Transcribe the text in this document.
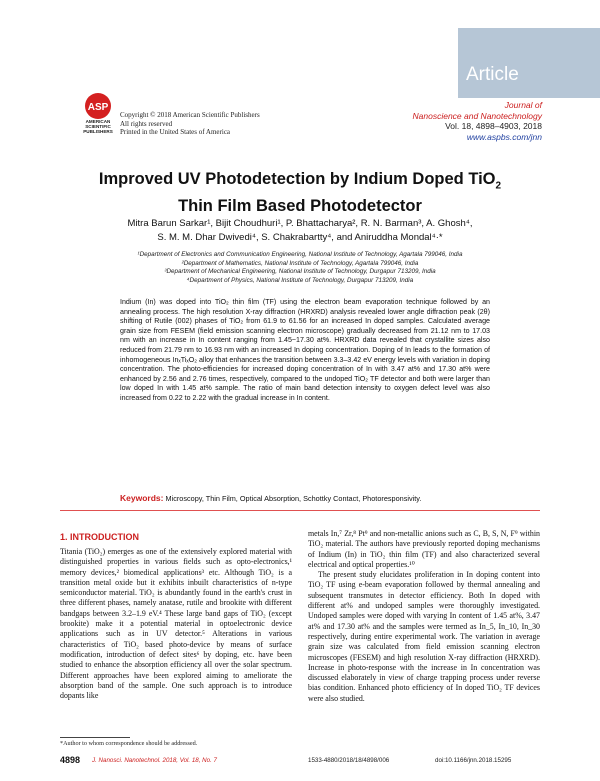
Article
ASP
AMERICAN
SCIENTIFIC
PUBLISHERS
Copyright © 2018 American Scientific Publishers
All rights reserved
Printed in the United States of America
Journal of
Nanoscience and Nanotechnology
Vol. 18, 4898–4903, 2018
www.aspbs.com/jnn
Improved UV Photodetection by Indium Doped TiO$_2$
Thin Film Based Photodetector
Mitra Barun Sarkar¹, Bijit Choudhuri¹, P. Bhattacharya², R. N. Barman³, A. Ghosh⁴,
S. M. M. Dhar Dwivedi⁴, S. Chakrabartty⁴, and Aniruddha Mondal⁴·*
¹Department of Electronics and Communication Engineering, National Institute of Technology, Agartala 799046, India
²Department of Mathematics, National Institute of Technology, Agartala 799046, India
³Department of Mechanical Engineering, National Institute of Technology, Durgapur 713209, India
⁴Department of Physics, National Institute of Technology, Durgapur 713209, India
Indium (In) was doped into TiO₂ thin film (TF) using the electron beam evaporation technique followed by an annealing process. The high resolution X-ray diffraction (HRXRD) analysis revealed lower angle diffraction peak (2θ) shifting of Rutile (002) phases of TiO₂ from 61.9 to 61.56 for an increased In doped samples. Calculated average grain size from FESEM (field emission scanning electron microscope) gradually decreased from 21.12 nm to 17.03 nm with an increase in In content ranging from 1.45~17.30 at%. HRXRD data revealed that crystallite sizes also reduced from 21.79 nm to 16.93 nm with an increased In doping concentration. Doping of In leads to the formation of inhomogeneous InₓTiₓO₂ alloy that enhances the transition between 3.3–3.42 eV energy levels with variation in doping concentration. The photo-efficiencies for increased doping concentration of In with 3.47 at% and 17.30 at% were enhanced by 2.56 and 2.76 times, respectively, compared to the undoped TiO₂ TF detector and both were larger than low doped In with 1.45 at% sample. The ratio of main band detection intensity to oxygen defect level was also increased from 0.22 to 2.22 with the gradual increase in In content.
Keywords: Microscopy, Thin Film, Optical Absorption, Schottky Contact, Photoresponsivity.
1. INTRODUCTION

Titania (TiO₂) emerges as one of the extensively explored material with distinguished properties in various fields such as opto-electronics,¹ memory devices,² biomedical applications³ etc. Although TiO₂ is a transition metal oxide but it exhibits inbuilt characteristics of n-type semiconductor material. TiO₂ is abundantly found in the earth's crust in three different phases, namely anatase, rutile and brookite with different bandgaps between 3.2–1.9 eV.⁴ These large band gaps of TiO₂ (except brookite) make it a potential material in optoelectronic device applications such as in UV detector.⁵ Alterations in various characteristics of TiO₂ based photo-device by means of surface modification, introduction of defect sites⁶ by doping, etc. have been studied to enhance the absorption efficiency all over the solar spectrum. Different approaches have been explored aiming to ameliorate the absorption band of the sample. One such approach is to introduce dopants like

metals In,⁷ Zr,⁸ Pt⁹ and non-metallic anions such as C, B, S, N, F⁹ within TiO₂ material. The authors have previously reported doping mechanisms of Indium (In) in TiO₂ thin film (TF) and also characterized several electrical and optical properties.¹⁰

The present study elucidates proliferation in In doping content into TiO₂ TF using e-beam evaporation followed by thermal annealing and subsequent transmutes in detector efficiency. Both In doped with different at% and undoped samples were thoroughly investigated. Undoped samples were doped with varying In content of 1.45 at%, 3.47 at% and 17.30 at% and the samples were termed as In_5, In_10, In_30 respectively, during entire experimental work. The variation in average grain size was calculated from field emission scanning electron microscopes (FESEM) and high resolution X-ray diffraction (HRXRD). Increase in photo-response with the increase in In concentration was discussed elaborately in view of charge trapping process under reverse bias condition. Enhanced photo efficiency of In doped TiO₂ TF devices were also studied.

*Author to whom correspondence should be addressed.
4898 J. Nanosci. Nanotechnol. 2018, Vol. 18, No. 7	1533-4880/2018/18/4898/006	doi:10.1166/jnn.2018.15295
